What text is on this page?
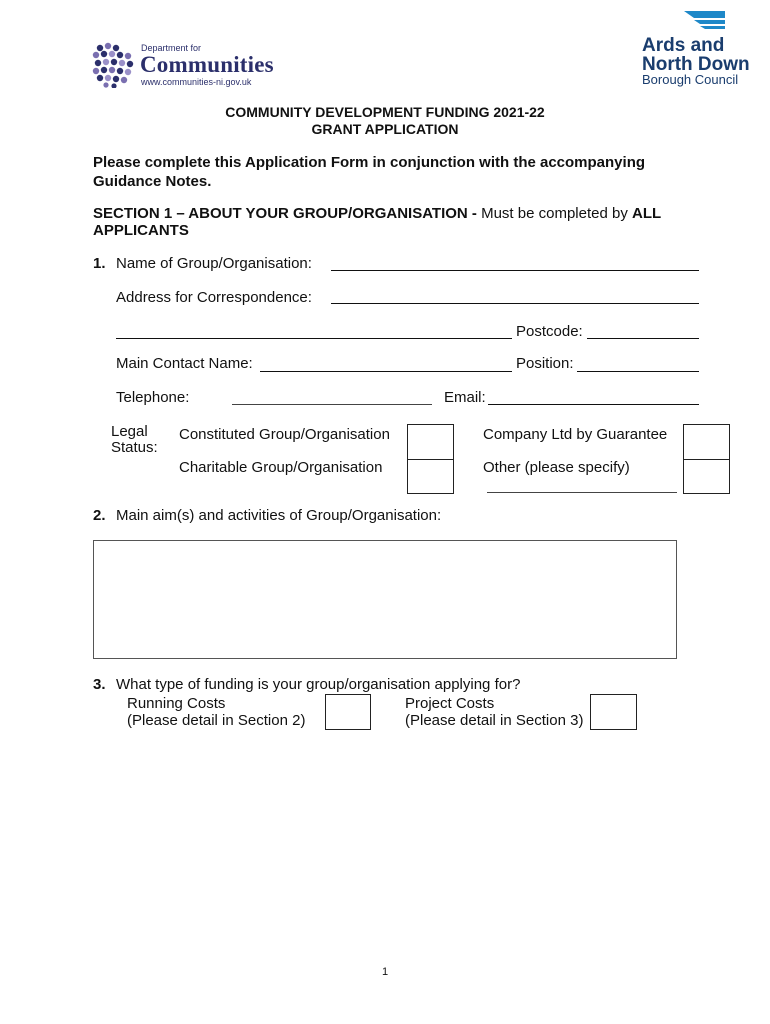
Department for
Communities
www.communities-ni.gov.uk
Ards and
North Down
Borough Council
COMMUNITY DEVELOPMENT FUNDING 2021-22
GRANT APPLICATION
Please complete this Application Form in conjunction with the accompanying
Guidance Notes.
SECTION 1 – ABOUT YOUR GROUP/ORGANISATION - Must be completed by ALL
APPLICANTS
1. Name of Group/Organisation:
Address for Correspondence:
Postcode:
Main Contact Name:	Position:
Telephone:	Email:
Legal
Status:
Constituted Group/Organisation
Charitable Group/Organisation
Company Ltd by Guarantee
Other (please specify)
2. Main aim(s) and activities of Group/Organisation:
3. What type of funding is your group/organisation applying for?
Running Costs
(Please detail in Section 2)
Project Costs
(Please detail in Section 3)
1
